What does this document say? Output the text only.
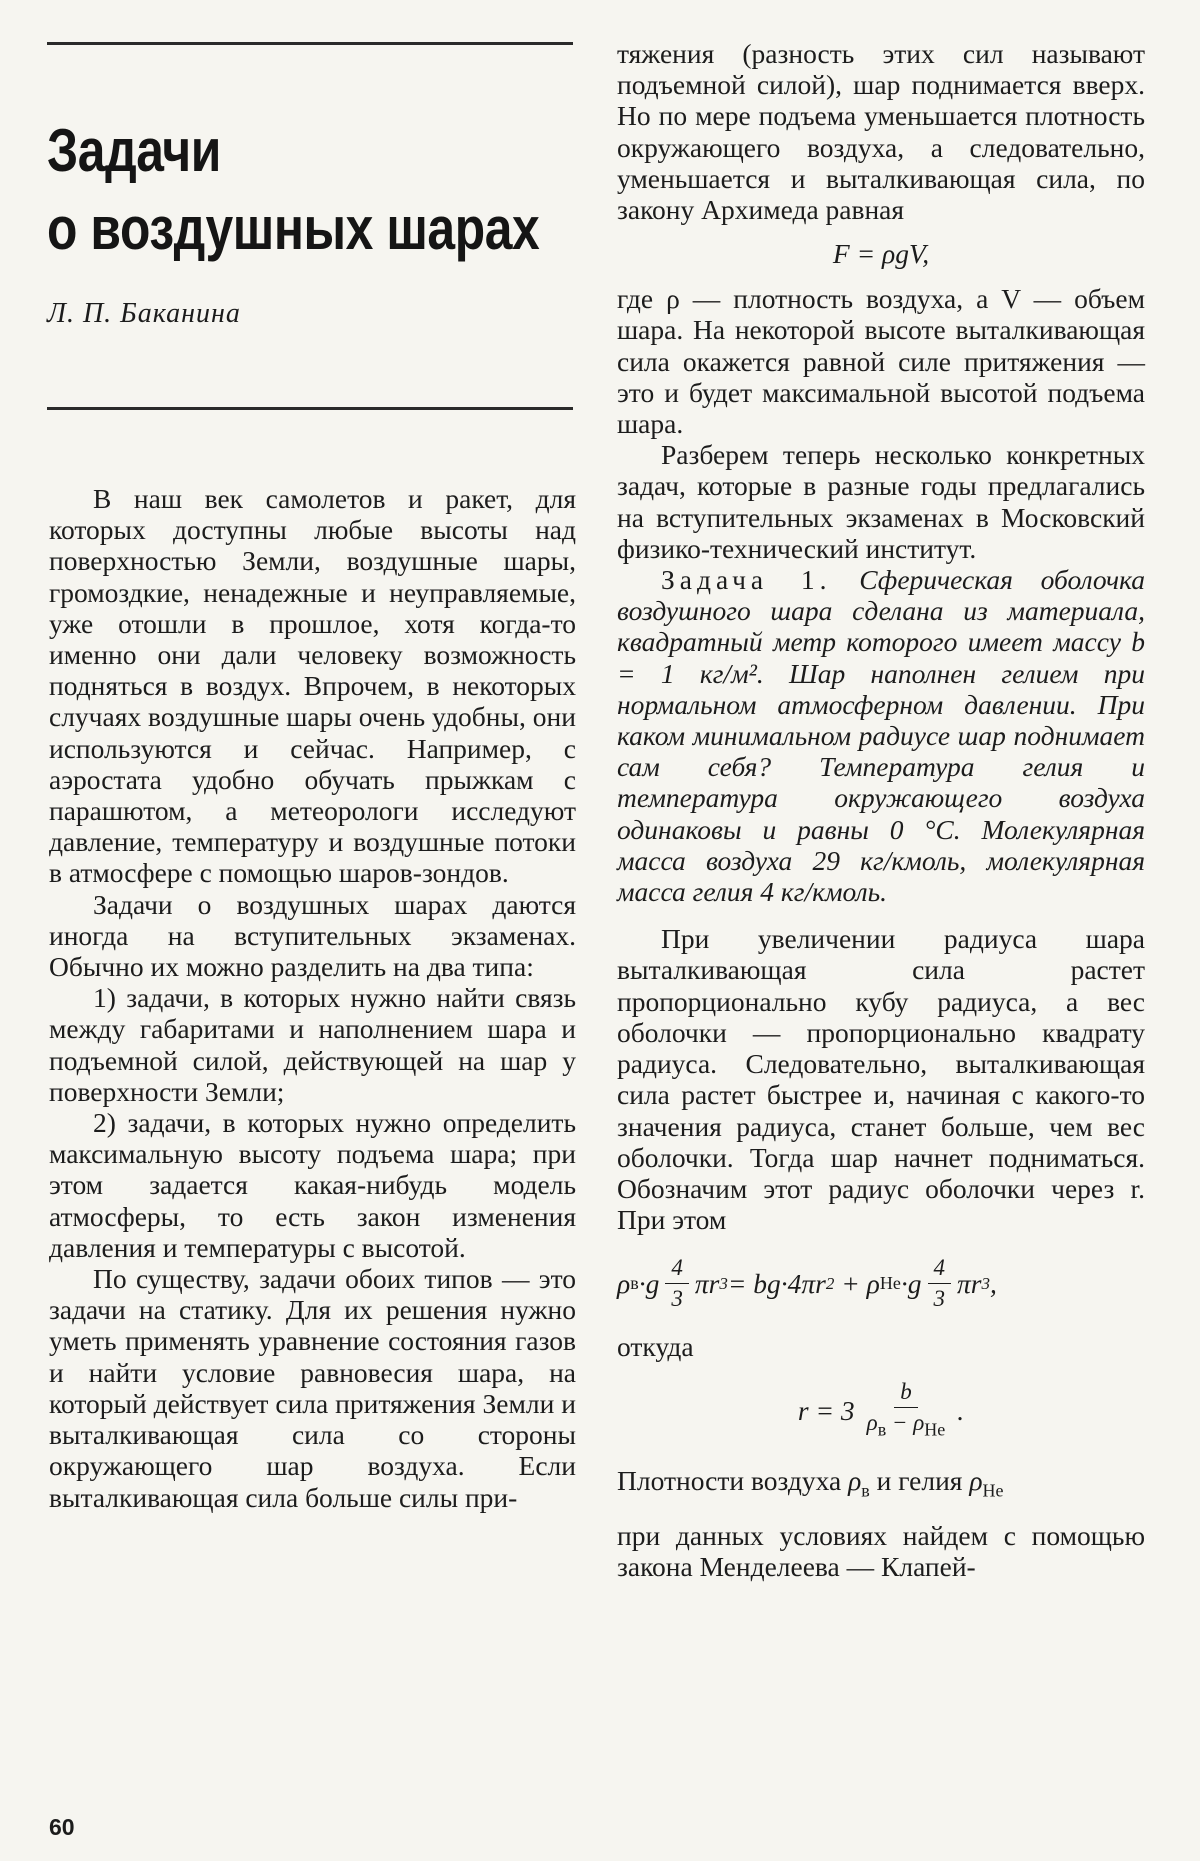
Задачи
о воздушных шарах

Л. П. Баканина

В наш век самолетов и ракет, для которых доступны любые высоты над поверхностью Земли, воздушные шары, громоздкие, ненадежные и неуправляемые, уже отошли в прошлое, хотя когда-то именно они дали человеку возможность подняться в воздух. Впрочем, в некоторых случаях воздушные шары очень удобны, они используются и сейчас. Например, с аэростата удобно обучать прыжкам с парашютом, а метеорологи исследуют давление, температуру и воздушные потоки в атмосфере с помощью шаров-зондов.

Задачи о воздушных шарах даются иногда на вступительных экзаменах. Обычно их можно разделить на два типа:

1) задачи, в которых нужно найти связь между габаритами и наполнением шара и подъемной силой, действующей на шар у поверхности Земли;

2) задачи, в которых нужно определить максимальную высоту подъема шара; при этом задается какая-нибудь модель атмосферы, то есть закон изменения давления и температуры с высотой.

По существу, задачи обоих типов — это задачи на статику. Для их решения нужно уметь применять уравнение состояния газов и найти условие равновесия шара, на который действует сила притяжения Земли и выталкивающая сила со стороны окружающего шар воздуха. Если выталкивающая сила больше силы при-

тяжения (разность этих сил называют подъемной силой), шар поднимается вверх. Но по мере подъема уменьшается плотность окружающего воздуха, а следовательно, уменьшается и выталкивающая сила, по закону Архимеда равная

F = ρgV,

где ρ — плотность воздуха, а V — объем шара. На некоторой высоте выталкивающая сила окажется равной силе притяжения — это и будет максимальной высотой подъема шара.

Разберем теперь несколько конкретных задач, которые в разные годы предлагались на вступительных экзаменах в Московский физико-технический институт.

Задача 1. Сферическая оболочка воздушного шара сделана из материала, квадратный метр которого имеет массу b = 1 кг/м². Шар наполнен гелием при нормальном атмосферном давлении. При каком минимальном радиусе шар поднимает сам себя? Температура гелия и температура окружающего воздуха одинаковы и равны 0 °С. Молекулярная масса воздуха 29 кг/кмоль, молекулярная масса гелия 4 кг/кмоль.

При увеличении радиуса шара выталкивающая сила растет пропорционально кубу радиуса, а вес оболочки — пропорционально квадрату радиуса. Следовательно, выталкивающая сила растет быстрее и, начиная с какого-то значения радиуса, станет больше, чем вес оболочки. Тогда шар начнет подниматься. Обозначим этот радиус оболочки через r. При этом

ρ $в \cdot g \frac{4}{3}$ πr 3 = bg·4πr 2
+ ρ $He \cdot g \frac{4}{3}$ πr 3 ,

откуда

$r = 3 \frac{b}{\rho_в - \rho_{He}}$ .

Плотности воздуха $\rho_в$ и гелия $\rho_{He}$

при данных условиях найдем с помощью закона Менделеева — Клапей-

60
